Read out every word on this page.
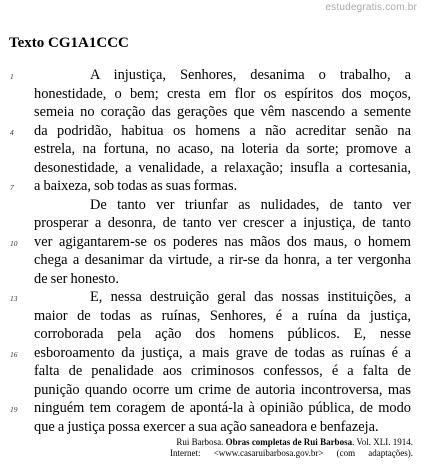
estudegratis.com.br
Texto CG1A1CCC
1	A injustiça, Senhores, desanima o trabalho, a
honestidade, o bem; cresta em flor os espíritos dos moços,
semeia no coração das gerações que vêm nascendo a semente
4	da podridão, habitua os homens a não acreditar senão na
estrela, na fortuna, no acaso, na loteria da sorte; promove a
desonestidade, a venalidade, a relaxação; insufla a cortesania,
7	a baixeza, sob todas as suas formas.
De tanto ver triunfar as nulidades, de tanto ver
prosperar a desonra, de tanto ver crescer a injustiça, de tanto
10	ver agigantarem-se os poderes nas mãos dos maus, o homem
chega a desanimar da virtude, a rir-se da honra, a ter vergonha
de ser honesto.
13	E, nessa destruição geral das nossas instituições, a
maior de todas as ruínas, Senhores, é a ruína da justiça,
corroborada pela ação dos homens públicos. E, nesse
16	esboroamento da justiça, a mais grave de todas as ruínas é a
falta de penalidade aos criminosos confessos, é a falta de
punição quando ocorre um crime de autoria incontroversa, mas
19	ninguém tem coragem de apontá-la à opinião pública, de modo
que a justiça possa exercer a sua ação saneadora e benfazeja.
Rui Barbosa. Obras completas de Rui Barbosa. Vol. XLI. 1914.
Internet: <www.casaruibarbosa.gov.br> (com adaptações).
